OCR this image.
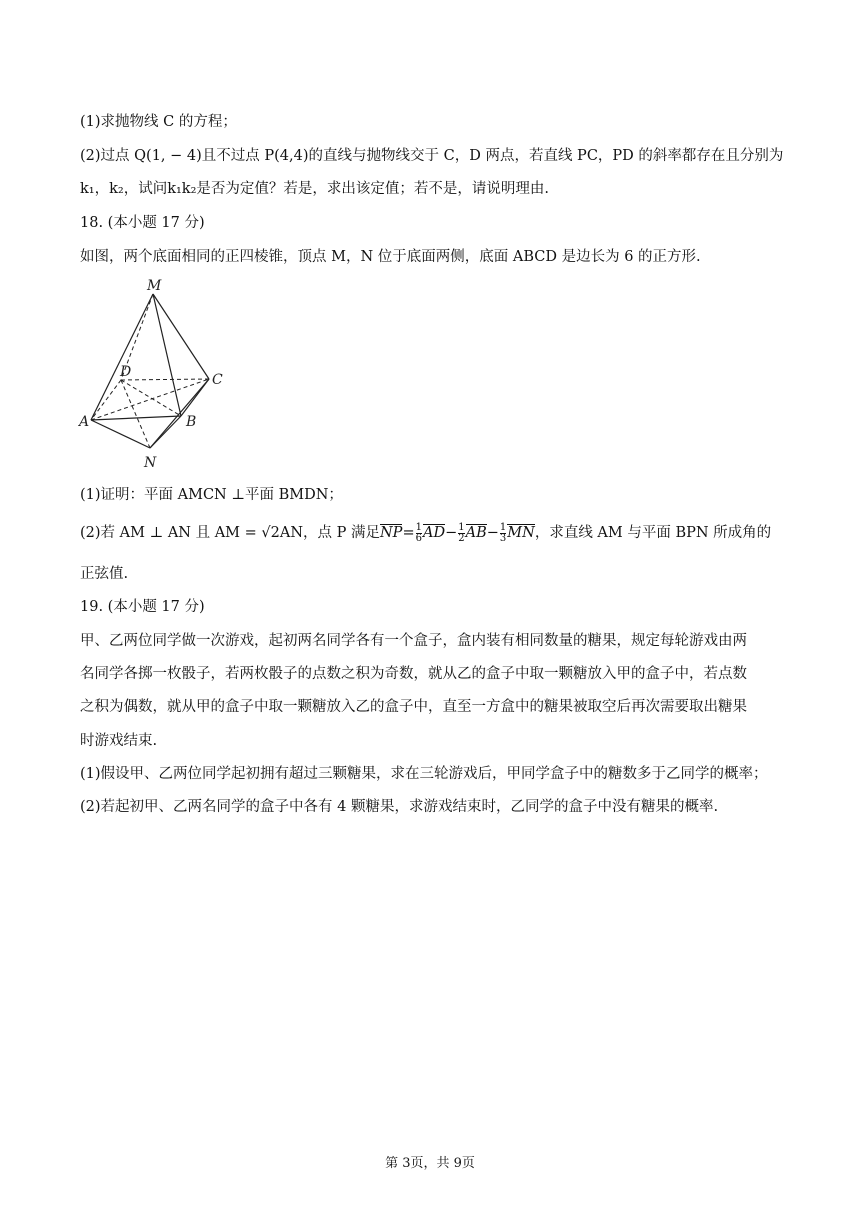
(1)求抛物线 C 的方程；
(2)过点 Q(1, − 4)且不过点 P(4,4)的直线与抛物线交于 C，D 两点，若直线 PC，PD 的斜率都存在且分别为
k₁，k₂，试问k₁k₂是否为定值？若是，求出该定值；若不是，请说明理由.
18. (本小题 17 分)
如图，两个底面相同的正四棱锥，顶点 M，N 位于底面两侧，底面 ABCD 是边长为 6 的正方形.
M
D	C
A	B
N
(1)证明：平面 AMCN ⊥平面 BMDN；
(2)若 AM ⊥ AN 且 AM = √2AN，点 P 满足$NP= \frac{1}{6} AD- \frac{1}{2} AB- \frac{1}{3}$ MN，求直线 AM 与平面 BPN 所成角的
正弦值.
19. (本小题 17 分)
甲、乙两位同学做一次游戏，起初两名同学各有一个盒子，盒内装有相同数量的糖果，规定每轮游戏由两
名同学各掷一枚骰子，若两枚骰子的点数之积为奇数，就从乙的盒子中取一颗糖放入甲的盒子中，若点数
之积为偶数，就从甲的盒子中取一颗糖放入乙的盒子中，直至一方盒中的糖果被取空后再次需要取出糖果
时游戏结束.
(1)假设甲、乙两位同学起初拥有超过三颗糖果，求在三轮游戏后，甲同学盒子中的糖数多于乙同学的概率；
(2)若起初甲、乙两名同学的盒子中各有 4 颗糖果，求游戏结束时，乙同学的盒子中没有糖果的概率.
第 3页，共 9页
